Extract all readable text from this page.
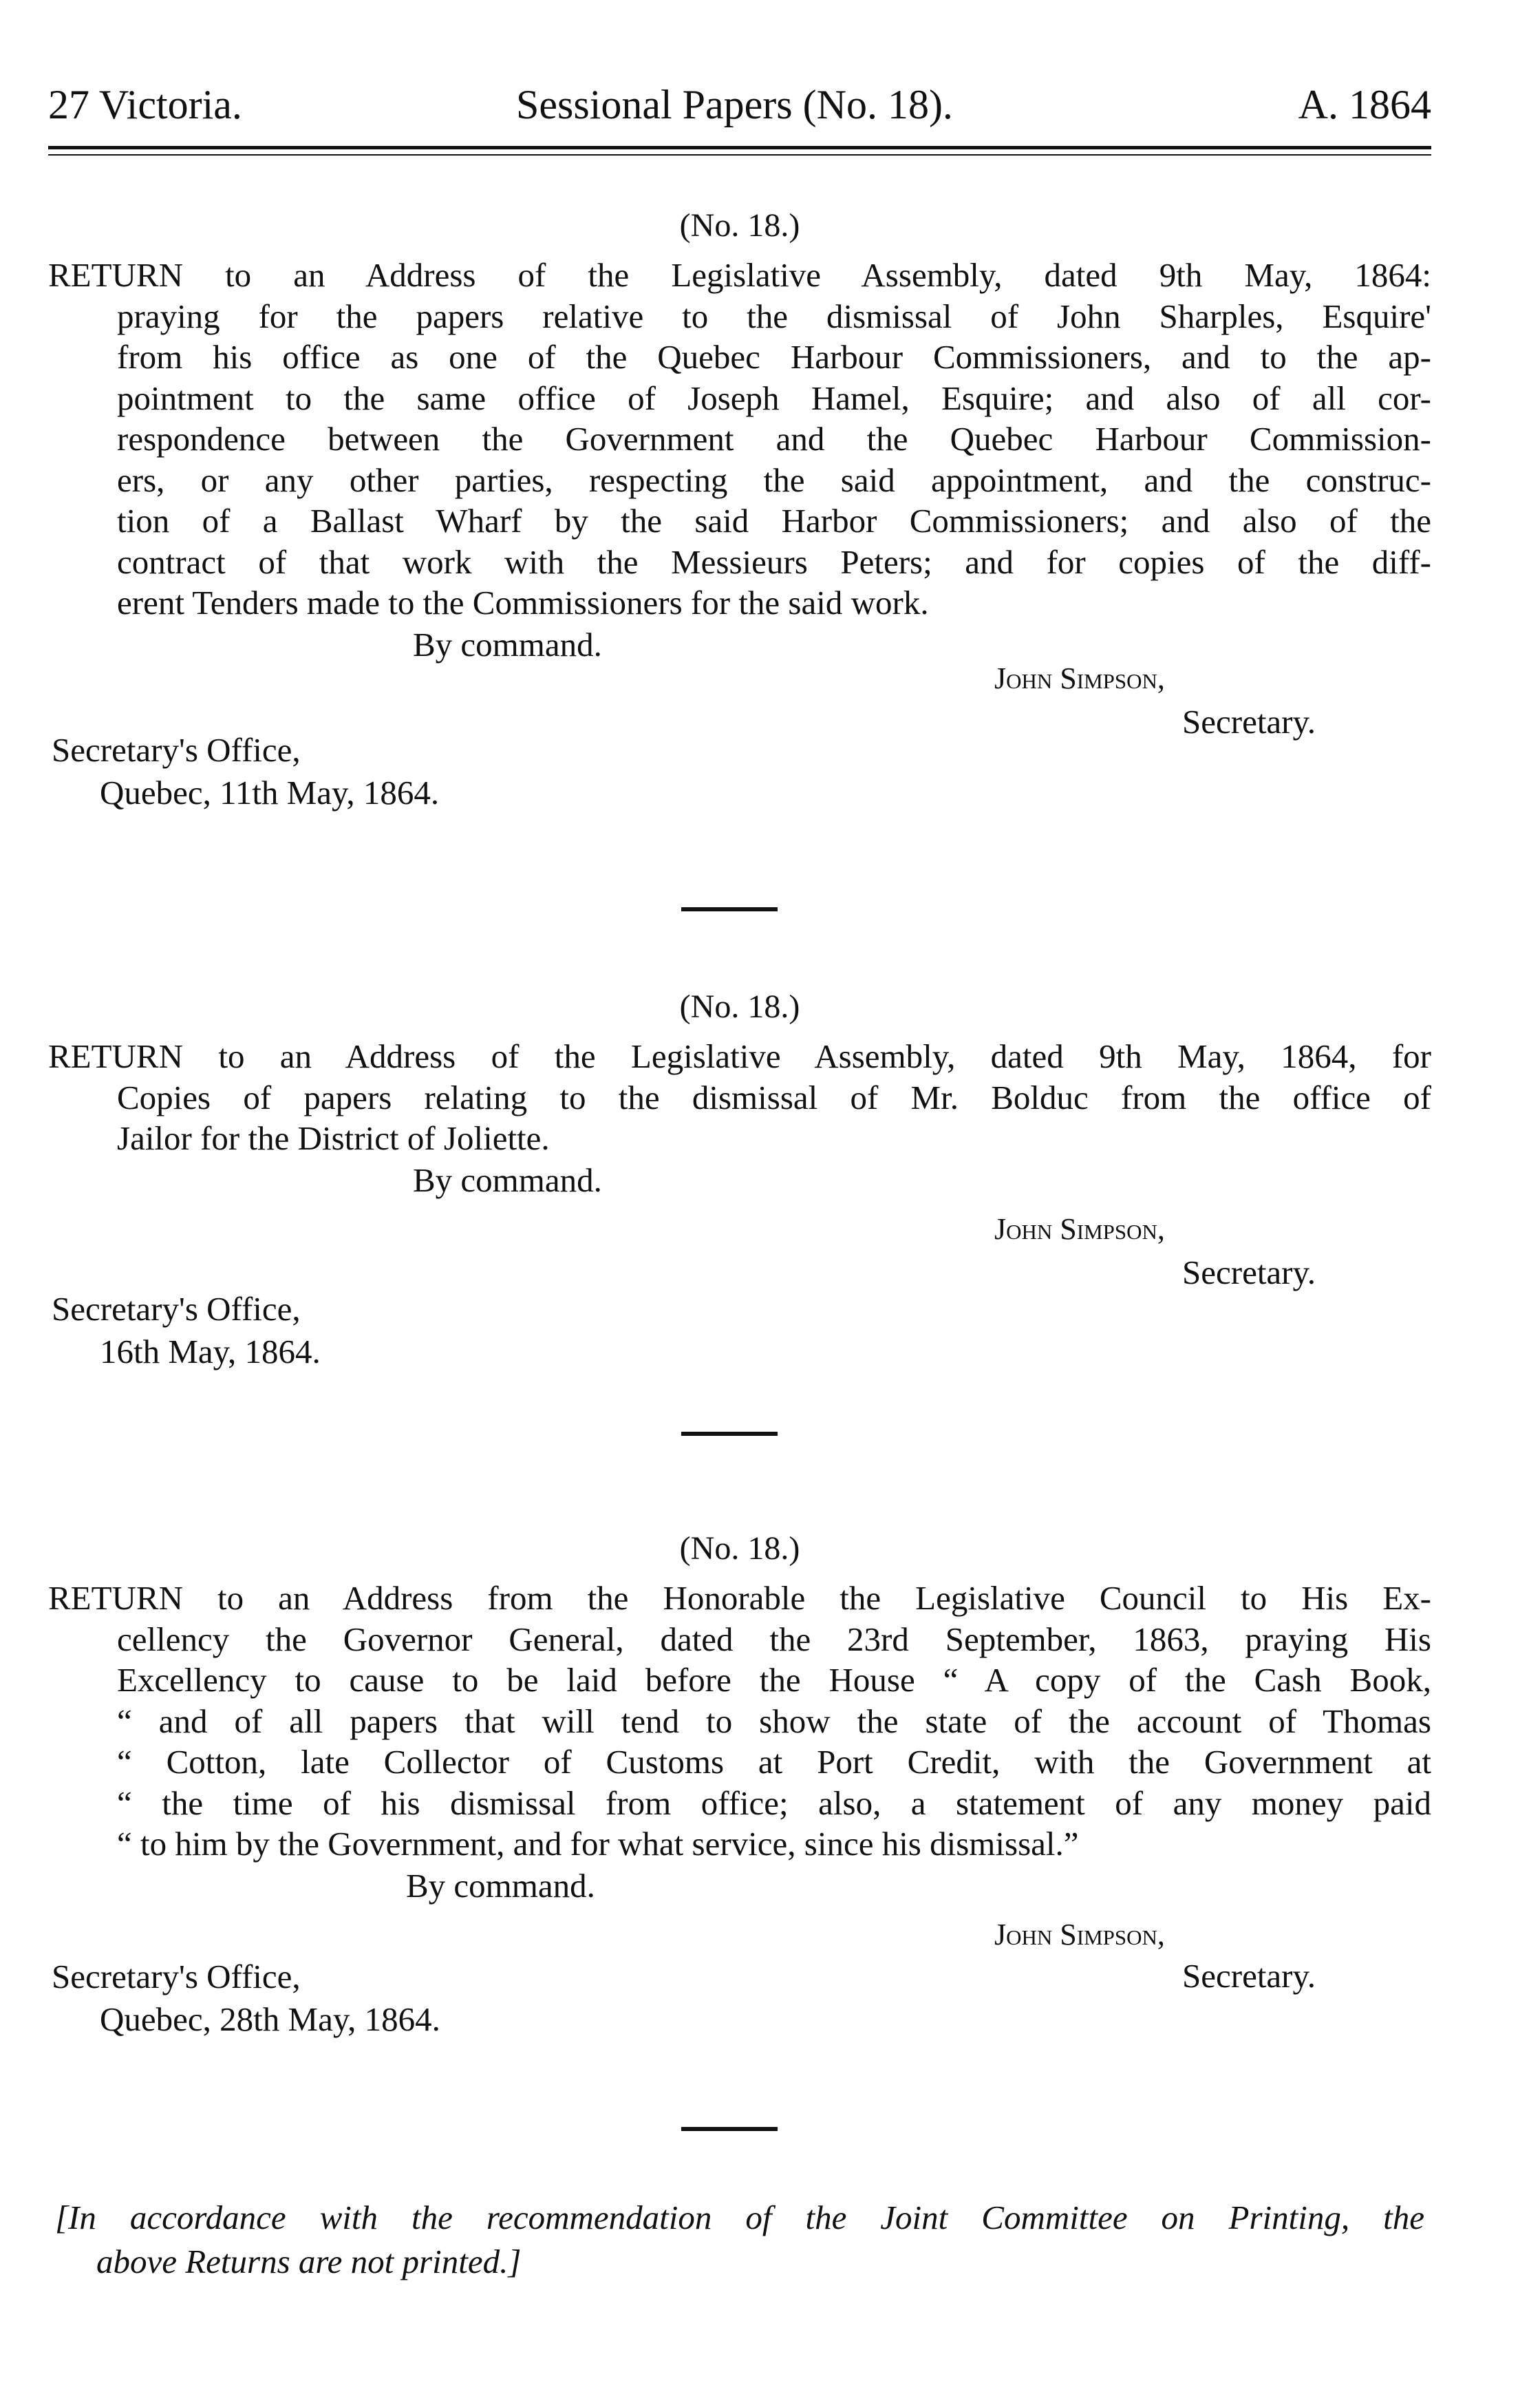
27 Victoria.	Sessional Papers (No. 18).	A. 1864
(No. 18.)
RETURN to an Address of the Legislative Assembly, dated 9th May, 1864:
praying for the papers relative to the dismissal of John Sharples, Esquire'
from his office as one of the Quebec Harbour Commissioners, and to the ap-
pointment to the same office of Joseph Hamel, Esquire; and also of all cor-
respondence between the Government and the Quebec Harbour Commission-
ers, or any other parties, respecting the said appointment, and the construc-
tion of a Ballast Wharf by the said Harbor Commissioners; and also of the
contract of that work with the Messieurs Peters; and for copies of the diff-
erent Tenders made to the Commissioners for the said work.
By command.
John Simpson,
Secretary.
Secretary's Office,
Quebec, 11th May, 1864.
(No. 18.)
RETURN to an Address of the Legislative Assembly, dated 9th May, 1864, for
Copies of papers relating to the dismissal of Mr. Bolduc from the office of
Jailor for the District of Joliette.
By command.
John Simpson,
Secretary.
Secretary's Office,
16th May, 1864.
(No. 18.)
RETURN to an Address from the Honorable the Legislative Council to His Ex-
cellency the Governor General, dated the 23rd September, 1863, praying His
Excellency to cause to be laid before the House “ A copy of the Cash Book,
“ and of all papers that will tend to show the state of the account of Thomas
“ Cotton, late Collector of Customs at Port Credit, with the Government at
“ the time of his dismissal from office; also, a statement of any money paid
“ to him by the Government, and for what service, since his dismissal.”
By command.
John Simpson,
Secretary.
Secretary's Office,
Quebec, 28th May, 1864.
[In accordance with the recommendation of the Joint Committee on Printing, the
above Returns are not printed.]
